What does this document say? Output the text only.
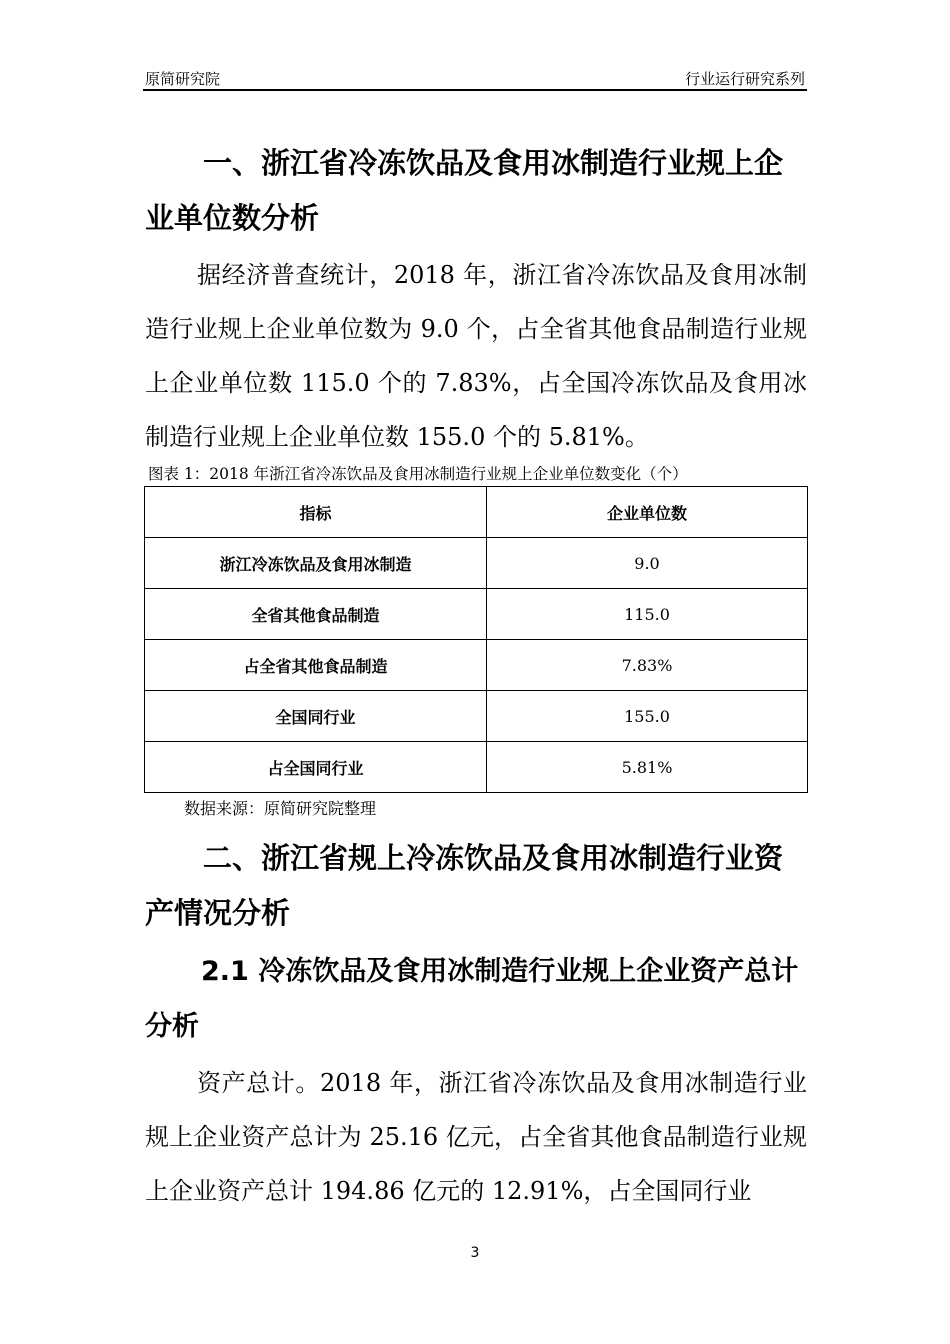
原简研究院	行业运行研究系列

一、浙江省冷冻饮品及食用冰制造行业规上企业单位数分析

据经济普查统计，2018 年，浙江省冷冻饮品及食用冰制造行业规上企业单位数为 9.0 个，占全省其他食品制造行业规上企业单位数 115.0 个的 7.83%，占全国冷冻饮品及食用冰制造行业规上企业单位数 155.0 个的 5.81%。

图表 1：2018 年浙江省冷冻饮品及食用冰制造行业规上企业单位数变化（个）
指标	企业单位数
浙江冷冻饮品及食用冰制造	9.0
全省其他食品制造	115.0
占全省其他食品制造	7.83%
全国同行业	155.0
占全国同行业	5.81%
数据来源：原简研究院整理

二、浙江省规上冷冻饮品及食用冰制造行业资产情况分析

2.1 冷冻饮品及食用冰制造行业规上企业资产总计分析

资产总计。2018 年，浙江省冷冻饮品及食用冰制造行业规上企业资产总计为 25.16 亿元，占全省其他食品制造行业规上企业资产总计 194.86 亿元的 12.91%，占全国同行业

3
